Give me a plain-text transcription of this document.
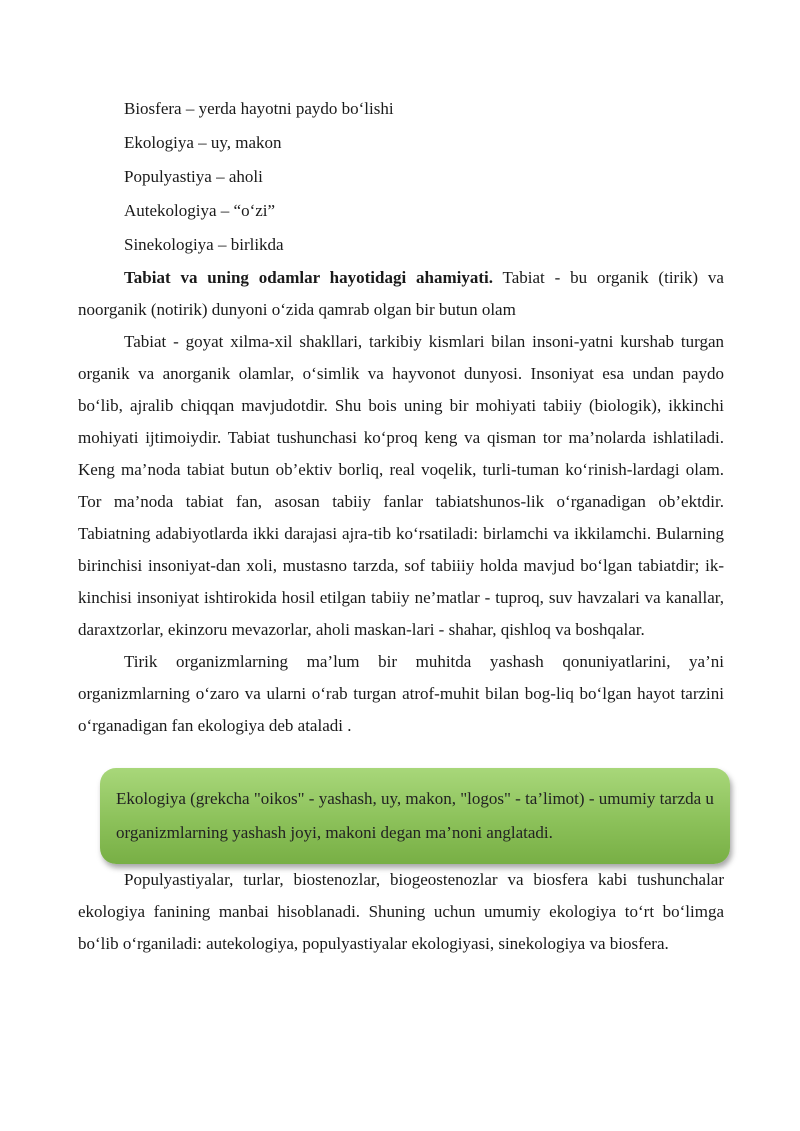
Biosfera – yerda hayotni paydo bo‘lishi

Ekologiya – uy, makon

Populyastiya – aholi

Autekologiya – “o‘zi”

Sinekologiya – birlikda

Tabiat va uning odamlar hayotidagi ahamiyati. Tabiat - bu organik (tirik) va noorganik (notirik) dunyoni o‘zida qamrab olgan bir butun olam

Tabiat - goyat xilma-xil shakllari, tarkibiy kismlari bilan insoni-yatni kurshab turgan organik va anorganik olamlar, o‘simlik va hayvonot dunyosi. Insoniyat esa undan paydo bo‘lib, ajralib chiqqan mavjudotdir. Shu bois uning bir mohiyati tabiiy (biologik), ikkinchi mohiyati ijtimoiydir. Tabiat tushunchasi ko‘proq keng va qisman tor ma’nolarda ishlatiladi. Keng ma’noda tabiat butun ob’ektiv borliq, real voqelik, turli-tuman ko‘rinish-lardagi olam. Tor ma’noda tabiat fan, asosan tabiiy fanlar tabiatshunos-lik o‘rganadigan ob’ektdir. Tabiatning adabiyotlarda ikki darajasi ajra-tib ko‘rsatiladi: birlamchi va ikkilamchi. Bularning birinchisi insoniyat-dan xoli, mustasno tarzda, sof tabiiiy holda mavjud bo‘lgan tabiatdir; ik-kinchisi insoniyat ishtirokida hosil etilgan tabiiy ne’matlar - tuproq, suv havzalari va kanallar, daraxtzorlar, ekinzoru mevazorlar, aholi maskan-lari - shahar, qishloq va boshqalar.

Tirik organizmlarning ma’lum bir muhitda yashash qonuniyatlarini, ya’ni organizmlarning o‘zaro va ularni o‘rab turgan atrof-muhit bilan bog-liq bo‘lgan hayot tarzini o‘rganadigan fan ekologiya deb ataladi .

Ekologiya (grekcha "oikos" - yashash, uy, makon, "logos" - ta’limot) - umumiy tarzda u organizmlarning yashash joyi, makoni degan ma’noni anglatadi.

Populyastiyalar, turlar, biostenozlar, biogeostenozlar va biosfera kabi tushunchalar ekologiya fanining manbai hisoblanadi. Shuning uchun umumiy ekologiya to‘rt bo‘limga bo‘lib o‘rganiladi: autekologiya, populyastiyalar ekologiyasi, sinekologiya va biosfera.
